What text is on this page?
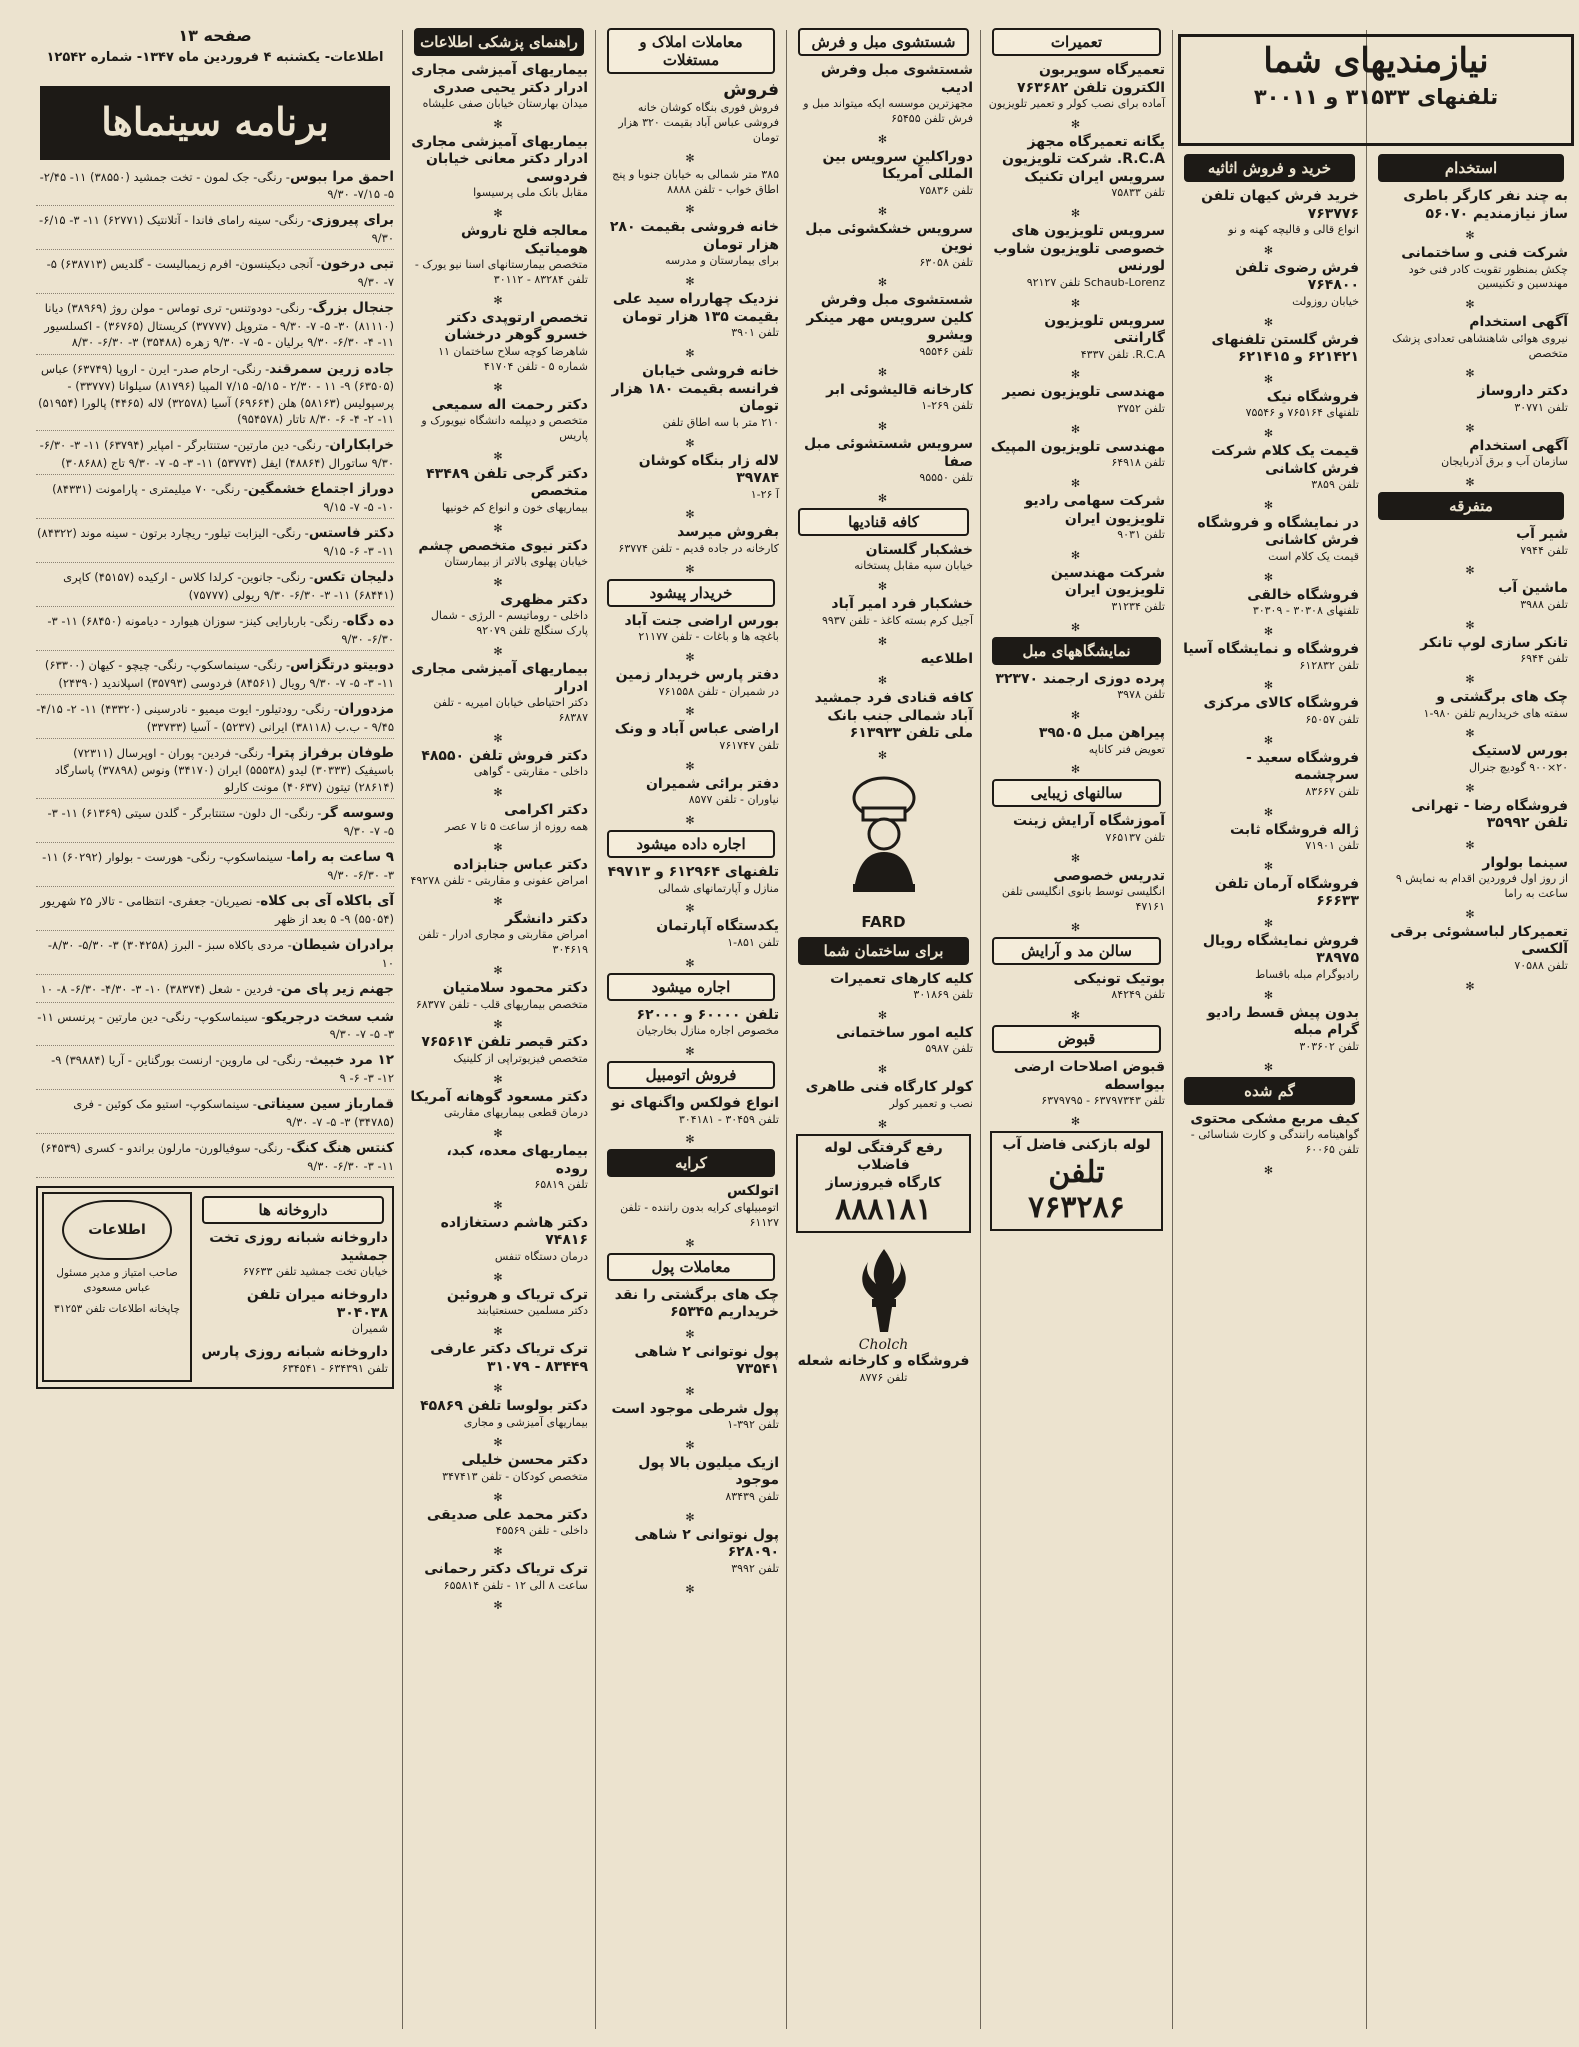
نیازمندیهای شما
تلفنهای ۳۱۵۳۳ و ۳۰۰۱۱
صفحه ۱۳
اطلاعات- یکشنبه ۴ فروردین ماه ۱۳۴۷- شماره ۱۲۵۴۲
برنامه سینماها
احمق مرا ببوس- رنگی- جک لمون - تخت جمشید (۳۸۵۵۰) ۱۱- ۲/۴۵- ۵- ۷/۱۵- ۹/۳۰
برای پیروزی- رنگی- سینه رامای فاندا - آتلانتیک (۶۲۷۷۱) ۱۱- ۳- ۶/۱۵- ۹/۳۰
تبی درخون- آنجی دیکینسون- افرم زیمبالیست - گلدیس (۶۳۸۷۱۳) ۵- ۷- ۹/۳۰
جنجال بزرگ- رنگی- دودوتنس- تری توماس - مولن روژ (۳۸۹۶۹) دیانا (۸۱۱۱۰) ۳۰- ۵- ۷- ۹/۳۰ - متروپل (۳۷۷۷۷) کریستال (۳۶۷۶۵) - اکسلسیور ۱۱- ۴- ۶/۳۰- ۹/۳۰ برلیان - ۵- ۷- ۹/۳۰ زهره (۳۵۴۸۸) ۳- ۶/۳۰- ۸/۳۰
جاده زرین سمرقند- رنگی- ارحام صدر- ایرن - اروپا (۶۳۷۴۹) عباس (۶۳۵۰۵) ۹- ۱۱ - ۲/۳۰ - ۵/۱۵- ۷/۱۵ المپیا (۸۱۷۹۶) سیلوانا (۳۳۷۷۷) - پرسپولیس (۵۸۱۶۳) هلن (۶۹۶۶۴) آسیا (۳۲۵۷۸) لاله (۴۴۶۵) پالورا (۵۱۹۵۴) ۱۱- ۲- ۴- ۶- ۸/۳۰ تاتار (۹۵۴۵۷۸)
خرابکاران- رنگی- دین مارتین- ستنتابرگر - امپایر (۶۳۷۹۴) ۱۱- ۳- ۶/۳۰- ۹/۳۰ ساتورال (۴۸۸۶۴) ایفل (۵۳۷۷۴) ۱۱- ۳- ۵- ۷- ۹/۳۰ تاج (۳۰۸۶۸۸)
دوراز اجتماع خشمگین- رنگی- ۷۰ میلیمتری - پارامونت (۸۴۳۳۱) ۱۰- ۵- ۷- ۹/۱۵
دکتر فاستس- رنگی- الیزابت تیلور- ریچارد برتون - سینه موند (۸۴۳۲۲) ۱۱- ۳- ۶- ۹/۱۵
دلیجان تکس- رنگی- جانوین- کرلدا کلاس - ارکیده (۴۵۱۵۷) کاپری (۶۸۴۴۱) ۱۱- ۳- ۶/۳۰- ۹/۳۰ ریولی (۷۵۷۷۷)
ده دگاه- رنگی- باربارایی کینز- سوزان هیوارد - دیامونه (۶۸۴۵۰) ۱۱- ۳- ۶/۳۰- ۹/۳۰
دوبیتو درتگزاس- رنگی- سینماسکوپ- رنگی- چیچو - کیهان (۶۳۳۰۰) ۱۱- ۳- ۵- ۷- ۹/۳۰ رویال (۸۴۵۶۱) فردوسی (۳۵۷۹۳) اسپلاندید (۲۴۳۹۰)
مزدوران- رنگی- رودتیلور- ایوت میمیو - نادرسینی (۴۳۳۲۰) ۱۱- ۲- ۴/۱۵- ۹/۴۵ - ب.ب (۳۸۱۱۸) ایرانی (۵۲۳۷) - آسیا (۳۳۷۳۳)
طوفان برفراز پترا- رنگی- فردین- پوران - اوپرسال (۷۲۳۱۱) باسیفیک (۳۰۳۳۳) لیدو (۵۵۵۳۸) ایران (۳۴۱۷۰) ونوس (۳۷۸۹۸) پاسارگاد (۲۸۶۱۴) تیتون (۴۰۶۳۷) مونت کارلو
وسوسه گر- رنگی- ال دلون- ستنتابرگر - گلدن سیتی (۶۱۳۶۹) ۱۱- ۳- ۵- ۷- ۹/۳۰
۹ ساعت به راما- سینماسکوپ- رنگی- هورست - بولوار (۶۰۲۹۲) ۱۱- ۳- ۶/۳۰- ۹/۳۰
آی باکلاه آی بی کلاه- نصیریان- جعفری- انتظامی - تالار ۲۵ شهریور (۵۵۰۵۴) ۹- ۵ بعد از ظهر
برادران شیطان- مردی باکلاه سبز - البرز (۳۰۴۲۵۸) ۳- ۵/۳۰- ۸/۳۰- ۱۰
جهنم زیر پای من- فردین - شعل (۳۸۳۷۴) ۱۰- ۳- ۴/۳۰- ۶/۳۰- ۸- ۱۰
شب سخت درجریکو- سینماسکوپ- رنگی- دین مارتین - پرنسس ۱۱- ۳- ۵- ۷- ۹/۳۰
۱۲ مرد خبیث- رنگی- لی ماروین- ارنست بورگناین - آریا (۳۹۸۸۴) ۹- ۱۲- ۳- ۶- ۹
قمارباز سین سیناتی- سینماسکوپ- استیو مک کوئین - فری (۳۴۷۸۵) ۳- ۵- ۷- ۹/۳۰
کنتس هنگ کنگ- رنگی- سوفیالورن- مارلون براندو - کسری (۶۴۵۳۹) ۱۱- ۳- ۶/۳۰- ۹/۳۰
داروخانه ها
داروخانه شبانه روزی تخت جمشید
خیابان تخت جمشید تلفن ۶۷۶۳۳
داروخانه میران تلفن ۳۰۴۰۳۸
شمیران
داروخانه شبانه روزی پارس
تلفن ۶۳۴۳۹۱ - ۶۳۴۵۴۱
اطلاعات
صاحب امتیاز و مدیر مسئول عباس مسعودی
چاپخانه اطلاعات تلفن ۳۱۲۵۳
راهنمای پزشکی اطلاعات
بیماریهای آمیزشی مجاری ادرار دکتر یحیی صدری
میدان بهارستان خیابان صفی علیشاه
✻
بیماریهای آمیزشی مجاری ادرار دکتر معانی خیابان فردوسی
مقابل بانک ملی پرسیسوا
✻
معالجه فلج ناروش هومیاتیک
متخصص بیمارستانهای اسنا نیو یورک - تلفن ۸۳۲۸۴ - ۳۰۱۱۲
✻
تخصص ارتوپدی دکتر خسرو گوهر درخشان
شاهرضا کوچه سلاح ساختمان ۱۱ شماره ۵ - تلفن ۴۱۷۰۴
✻
دکتر رحمت اله سمیعی
متخصص و دیپلمه دانشگاه نیویورک و پاریس
✻
دکتر گرجی تلفن ۴۳۴۸۹ متخصص
بیماریهای خون و انواع کم خونیها
✻
دکتر نیوی متخصص چشم
خیابان پهلوی بالاتر از بیمارستان
✻
دکتر مظهری
داخلی - روماتیسم - الرژی - شمال پارک سنگلج تلفن ۹۲۰۷۹
✻
بیماریهای آمیزشی مجاری ادرار
دکتر احتیاطی خیابان امیریه - تلفن ۶۸۳۸۷
✻
دکتر فروش تلفن ۴۸۵۵۰
داخلی - مقاربتی - گواهی
✻
دکتر اکرامی
همه روزه از ساعت ۵ تا ۷ عصر
✻
دکتر عباس جنابزاده
امراض عفونی و مقاربتی - تلفن ۴۹۲۷۸
✻
دکتر دانشگر
امراض مقاربتی و مجاری ادرار - تلفن ۳۰۴۶۱۹
✻
دکتر محمود سلامتیان
متخصص بیماریهای قلب - تلفن ۶۸۳۷۷
✻
دکتر قیصر تلفن ۷۶۵۶۱۴
متخصص فیزیوتراپی از کلینیک
✻
دکتر مسعود گوهانه آمریکا
درمان قطعی بیماریهای مقاربتی
✻
بیماریهای معده، کبد، روده
تلفن ۶۵۸۱۹
✻
دکتر هاشم دستغازاده ۷۴۸۱۶
درمان دستگاه تنفس
✻
ترک تریاک و هروئین
دکتر مسلمین حسنعتیابند
✻
ترک تریاک دکتر عارفی ۸۳۴۴۹ - ۳۱۰۷۹
✻
دکتر بولوسا تلفن ۴۵۸۶۹
بیماریهای آمیزشی و مجاری
✻
دکتر محسن خلیلی
متخصص کودکان - تلفن ۳۴۷۴۱۳
✻
دکتر محمد علی صدیقی
داخلی - تلفن ۴۵۵۶۹
✻
ترک تریاک دکتر رحمانی
ساعت ۸ الی ۱۲ - تلفن ۶۵۵۸۱۴
✻
معاملات املاک و مستغلات
فروش
فروش فوری بنگاه کوشان خانه فروشی عباس آباد بقیمت ۳۲۰ هزار تومان
✻
۳۸۵ متر شمالی به خیابان جنوبا و پنج اطاق خواب - تلفن ۸۸۸۸
✻
خانه فروشی بقیمت ۲۸۰ هزار تومان
برای بیمارستان و مدرسه
✻
نزدیک چهارراه سید علی بقیمت ۱۳۵ هزار تومان
تلفن ۳۹۰۱
✻
خانه فروشی خیابان فرانسه بقیمت ۱۸۰ هزار تومان
۲۱۰ متر با سه اطاق تلفن
✻
لاله زار بنگاه کوشان ۳۹۷۸۴
آ ۲۶-۱
✻
بفروش میرسد
کارخانه در جاده قدیم - تلفن ۶۳۷۷۴
✻
خریدار پیشود
بورس اراضی جنت آباد
باغچه ها و باغات - تلفن ۲۱۱۷۷
✻
دفتر پارس خریدار زمین
در شمیران - تلفن ۷۶۱۵۵۸
✻
اراضی عباس آباد و ونک
تلفن ۷۶۱۷۴۷
✻
دفتر برائی شمیران
نیاوران - تلفن ۸۵۷۷
✻
اجاره داده میشود
تلفنهای ۶۱۲۹۶۴ و ۴۹۷۱۳
منازل و آپارتمانهای شمالی
✻
یکدستگاه آپارتمان
تلفن ۸۵۱-۱
✻
اجاره میشود
تلفن ۶۰۰۰۰ و ۶۲۰۰۰
مخصوص اجاره منازل بخارجیان
✻
فروش اتومبیل
انواع فولکس واگنهای نو
تلفن ۳۰۴۵۹ - ۳۰۴۱۸۱
✻
کرایه
اتولکس
اتومبیلهای کرایه بدون راننده - تلفن ۶۱۱۲۷
✻
معاملات پول
چک های برگشتی را نقد خریداریم ۶۵۳۴۵
✻
پول نوتوانی ۲ شاهی ۷۳۵۴۱
✻
پول شرطی موجود است
تلفن ۳۹۲-۱
✻
ازیک میلیون بالا پول موجود
تلفن ۸۳۴۳۹
✻
پول نوتوانی ۲ شاهی ۶۲۸۰۹۰
تلفن ۳۹۹۲
✻
شستشوی مبل و فرش
شستشوی مبل وفرش ادیب
مجهزترین موسسه ایکه میتواند مبل و فرش تلفن ۶۵۴۵۵
✻
دوراکلین سرویس بین المللی آمریکا
تلفن ۷۵۸۳۶
✻
سرویس خشکشوئی مبل نوین
تلفن ۶۳۰۵۸
✻
شستشوی مبل وفرش کلین سرویس مهر مینکر ویشرو
تلفن ۹۵۵۴۶
✻
کارخانه قالیشوئی ابر
تلفن ۲۶۹-۱
✻
سرویس شستشوئی مبل صفا
تلفن ۹۵۵۵۰
✻
کافه قنادیها
خشکبار گلستان
خیابان سپه مقابل پستخانه
✻
خشکبار فرد امیر آباد
آجیل کرم بسته کاغذ - تلفن ۹۹۳۷
✻
اطلاعیه
✻
کافه قنادی فرد جمشید آباد شمالی جنب بانک ملی تلفن ۶۱۳۹۳۳
✻
FARD
برای ساختمان شما
کلیه کارهای تعمیرات
تلفن ۳۰۱۸۶۹
✻
کلیه امور ساختمانی
تلفن ۵۹۸۷
✻
کولر کارگاه فنی طاهری
نصب و تعمیر کولر
✻
رفع گرفتگی لوله فاضلاب
کارگاه فیروزساز
۸۸۸۱۸۱
Cholch
فروشگاه و کارخانه شعله
تلفن ۸۷۷۶
تعمیرات
تعمیرگاه سویربون الکترون تلفن ۷۶۳۶۸۲
آماده برای نصب کولر و تعمیر تلویزیون
✻
یگانه تعمیرگاه مجهز R.C.A. شرکت تلویزیون سرویس ایران تکنیک
تلفن ۷۵۸۳۳
✻
سرویس تلویزیون های خصوصی تلویزیون شاوب لورنس
Schaub-Lorenz تلفن ۹۲۱۲۷
✻
سرویس تلویزیون گارانتی
R.C.A. تلفن ۴۳۳۷
✻
مهندسی تلویزیون نصیر
تلفن ۳۷۵۲
✻
مهندسی تلویزیون المپیک
تلفن ۶۴۹۱۸
✻
شرکت سهامی رادیو تلویزیون ایران
تلفن ۹۰۳۱
✻
شرکت مهندسین تلویزیون ایران
تلفن ۳۱۲۳۴
✻
نمایشگاههای مبل
پرده دوزی ارجمند ۳۲۳۷۰
تلفن ۳۹۷۸
✻
پیراهن مبل ۳۹۵۰۵
تعویض فنر کاناپه
✻
سالنهای زیبایی
آموزشگاه آرایش زینت
تلفن ۷۶۵۱۳۷
✻
تدریس خصوصی
انگلیسی توسط بانوی انگلیسی تلفن ۴۷۱۶۱
✻
سالن مد و آرایش
بوتیک تونیکی
تلفن ۸۴۲۴۹
✻
قبوض
قبوض اصلاحات ارضی بیواسطه
تلفن ۶۳۷۹۷۳۴۳ - ۶۳۷۹۷۹۵
✻
لوله بازکنی فاضل آب
تلفن ۷۶۳۲۸۶
خرید و فروش اثاثیه
خرید فرش کیهان تلفن ۷۶۳۷۷۶
انواع قالی و قالیچه کهنه و نو
✻
فرش رضوی تلفن ۷۶۴۸۰۰
خیابان روزولت
✻
فرش گلستن تلفنهای ۶۲۱۴۲۱ و ۶۲۱۴۱۵
✻
فروشگاه نیک
تلفنهای ۷۶۵۱۶۴ و ۷۵۵۴۶
✻
قیمت یک کلام شرکت فرش کاشانی
تلفن ۳۸۵۹
✻
در نمایشگاه و فروشگاه فرش کاشانی
قیمت یک کلام است
✻
فروشگاه خالقی
تلفنهای ۳۰۳۰۸ - ۳۰۳۰۹
✻
فروشگاه و نمایشگاه آسیا
تلفن ۶۱۲۸۳۲
✻
فروشگاه کالای مرکزی
تلفن ۶۵۰۵۷
✻
فروشگاه سعید - سرچشمه
تلفن ۸۳۶۶۷
✻
ژاله فروشگاه ثابت
تلفن ۷۱۹۰۱
✻
فروشگاه آرمان تلفن ۶۶۶۳۳
✻
فروش نمایشگاه رویال ۳۸۹۷۵
رادیوگرام مبله باقساط
✻
بدون پیش قسط رادیو گرام مبله
تلفن ۳۰۳۶۰۲
✻
گم شده
کیف مربع مشکی محتوی
گواهینامه رانندگی و کارت شناسائی - تلفن ۶۰۰۶۵
✻
استخدام
به چند نفر کارگر باطری ساز نیازمندیم ۵۶۰۷۰
✻
شرکت فنی و ساختمانی
چکش بمنظور تقویت کادر فنی خود مهندسین و تکنیسین
✻
آگهی استخدام
نیروی هوائی شاهنشاهی تعدادی پزشک متخصص
✻
دکتر داروساز
تلفن ۳۰۷۷۱
✻
آگهی استخدام
سازمان آب و برق آذربایجان
✻
متفرقه
شیر آب
تلفن ۷۹۴۴
✻
ماشین آب
تلفن ۳۹۸۸
✻
تانکر سازی لوپ تانکر
تلفن ۶۹۴۴
✻
چک های برگشتی و
سفته های خریداریم تلفن ۹۸۰-۱
✻
بورس لاستیک
۲۰×۹۰۰ گودیچ جنرال
✻
فروشگاه رضا - تهرانی تلفن ۳۵۹۹۲
✻
سینما بولوار
از روز اول فروردین اقدام به نمایش ۹ ساعت به راما
✻
تعمیرکار لباسشوئی برقی آلکسی
تلفن ۷۰۵۸۸
✻
